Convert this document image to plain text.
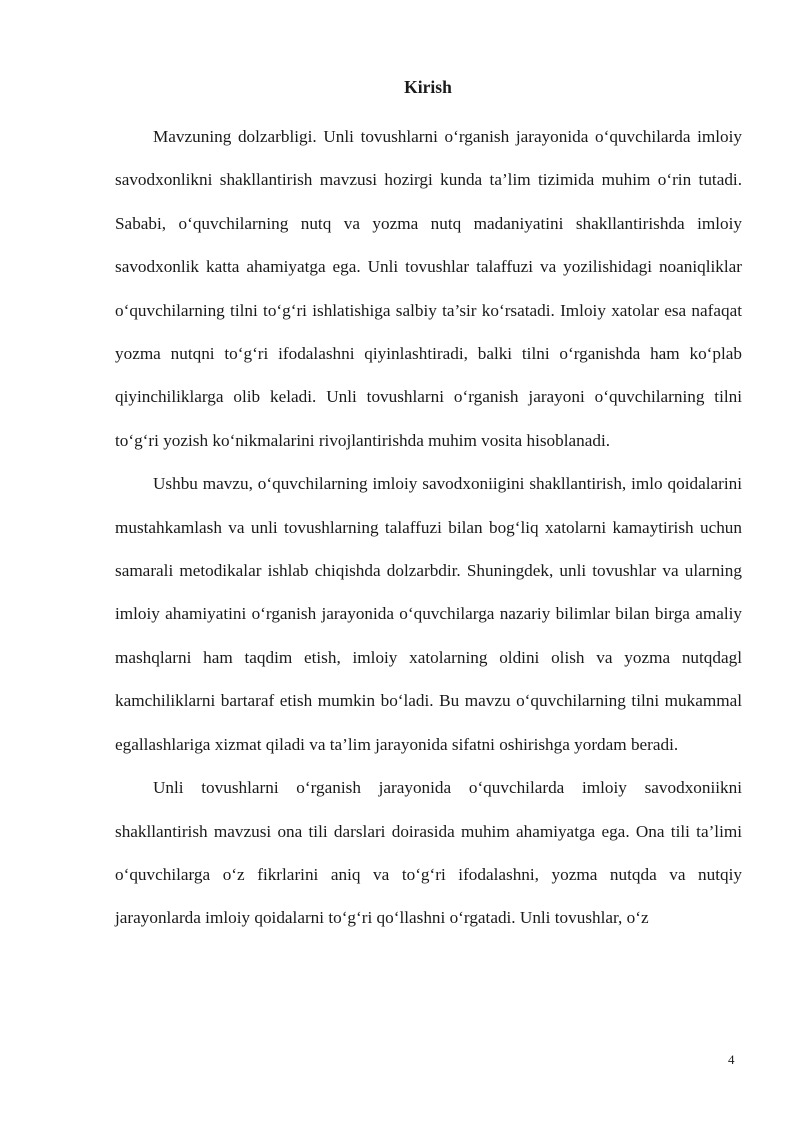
Kirish

Mavzuning dolzarbligi. Unli tovushlarni o‘rganish jarayonida o‘quvchilarda imloiy savodxonlikni shakllantirish mavzusi hozirgi kunda ta’lim tizimida muhim o‘rin tutadi. Sababi, o‘quvchilarning nutq va yozma nutq madaniyatini shakllantirishda imloiy savodxonlik katta ahamiyatga ega. Unli tovushlar talaffuzi va yozilishidagi noaniqliklar o‘quvchilarning tilni to‘g‘ri ishlatishiga salbiy ta’sir ko‘rsatadi. Imloiy xatolar esa nafaqat yozma nutqni to‘g‘ri ifodalashni qiyinlashtiradi, balki tilni o‘rganishda ham ko‘plab qiyinchiliklarga olib keladi. Unli tovushlarni o‘rganish jarayoni o‘quvchilarning tilni to‘g‘ri yozish ko‘nikmalarini rivojlantirishda muhim vosita hisoblanadi.

Ushbu mavzu, o‘quvchilarning imloiy savodxoniigini shakllantirish, imlo qoidalarini mustahkamlash va unli tovushlarning talaffuzi bilan bog‘liq xatolarni kamaytirish uchun samarali metodikalar ishlab chiqishda dolzarbdir. Shuningdek, unli tovushlar va ularning imloiy ahamiyatini o‘rganish jarayonida o‘quvchilarga nazariy bilimlar bilan birga amaliy mashqlarni ham taqdim etish, imloiy xatolarning oldini olish va yozma nutqdagl kamchiliklarni bartaraf etish mumkin bo‘ladi. Bu mavzu o‘quvchilarning tilni mukammal egallashlariga xizmat qiladi va ta’lim jarayonida sifatni oshirishga yordam beradi.

Unli tovushlarni o‘rganish jarayonida o‘quvchilarda imloiy savodxoniikni shakllantirish mavzusi ona tili darslari doirasida muhim ahamiyatga ega. Ona tili ta’limi o‘quvchilarga o‘z fikrlarini aniq va to‘g‘ri ifodalashni, yozma nutqda va nutqiy jarayonlarda imloiy qoidalarni to‘g‘ri qo‘llashni o‘rgatadi. Unli tovushlar, o‘z

4
